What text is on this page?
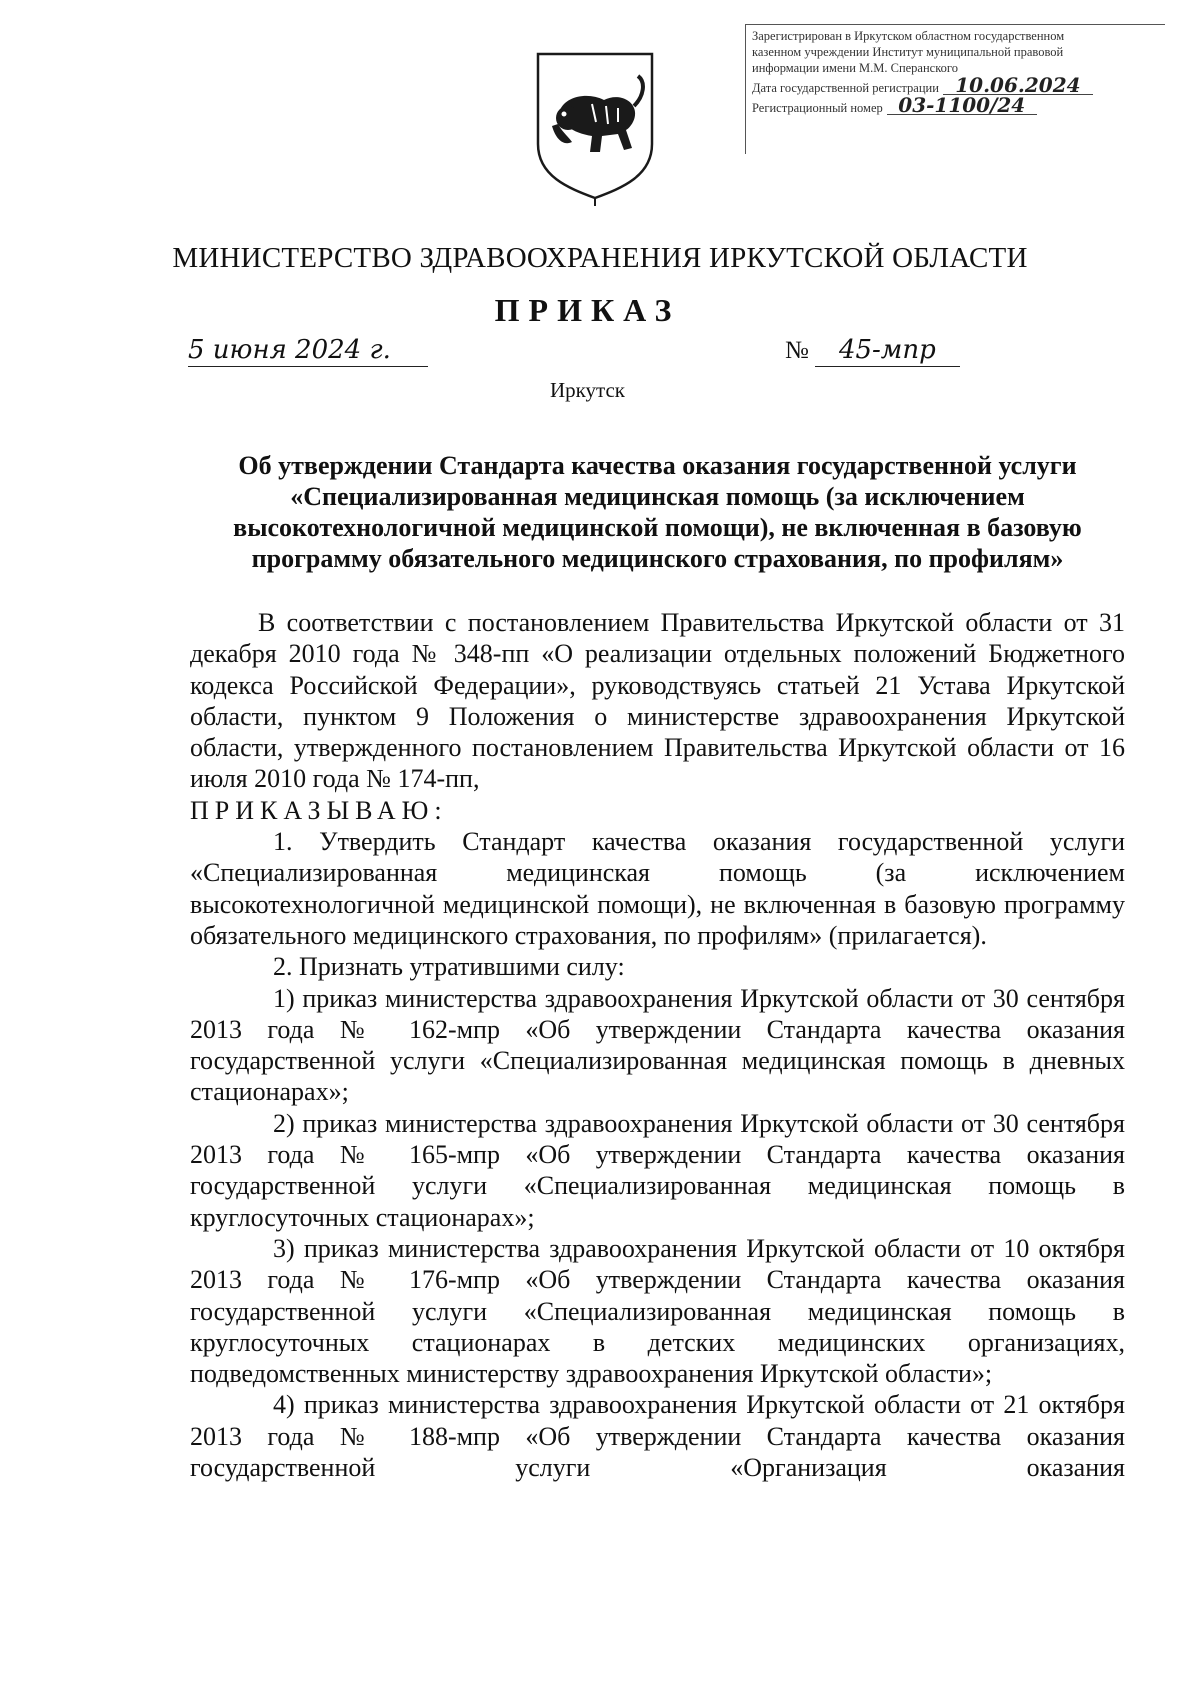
Зарегистрирован в Иркутском областном государственном
казенном учреждении Институт муниципальной правовой
информации имени М.М. Сперанского
Дата государственной регистрации 10.06.2024
Регистрационный номер 03-1100/24
МИНИСТЕРСТВО ЗДРАВООХРАНЕНИЯ ИРКУТСКОЙ ОБЛАСТИ
ПРИКАЗ
5 июня 2024 г.	№ 45-мпр
Иркутск
Об утверждении Стандарта качества оказания государственной услуги «Специализированная медицинская помощь (за исключением высокотехнологичной медицинской помощи), не включенная в базовую программу обязательного медицинского страхования, по профилям»

В соответствии с постановлением Правительства Иркутской области от 31 декабря 2010 года № 348-пп «О реализации отдельных положений Бюджетного кодекса Российской Федерации», руководствуясь статьей 21 Устава Иркутской области, пунктом 9 Положения о министерстве здравоохранения Иркутской области, утвержденного постановлением Правительства Иркутской области от 16 июля 2010 года № 174-пп,

ПРИКАЗЫВАЮ:

1. Утвердить Стандарт качества оказания государственной услуги «Специализированная медицинская помощь (за исключением высокотехнологичной медицинской помощи), не включенная в базовую программу обязательного медицинского страхования, по профилям» (прилагается).

2. Признать утратившими силу:

1) приказ министерства здравоохранения Иркутской области от 30 сентября 2013 года № 162-мпр «Об утверждении Стандарта качества оказания государственной услуги «Специализированная медицинская помощь в дневных стационарах»;

2) приказ министерства здравоохранения Иркутской области от 30 сентября 2013 года № 165-мпр «Об утверждении Стандарта качества оказания государственной услуги «Специализированная медицинская помощь в круглосуточных стационарах»;

3) приказ министерства здравоохранения Иркутской области от 10 октября 2013 года № 176-мпр «Об утверждении Стандарта качества оказания государственной услуги «Специализированная медицинская помощь в круглосуточных стационарах в детских медицинских организациях, подведомственных министерству здравоохранения Иркутской области»;

4) приказ министерства здравоохранения Иркутской области от 21 октября 2013 года № 188-мпр «Об утверждении Стандарта качества оказания государственной услуги «Организация оказания
